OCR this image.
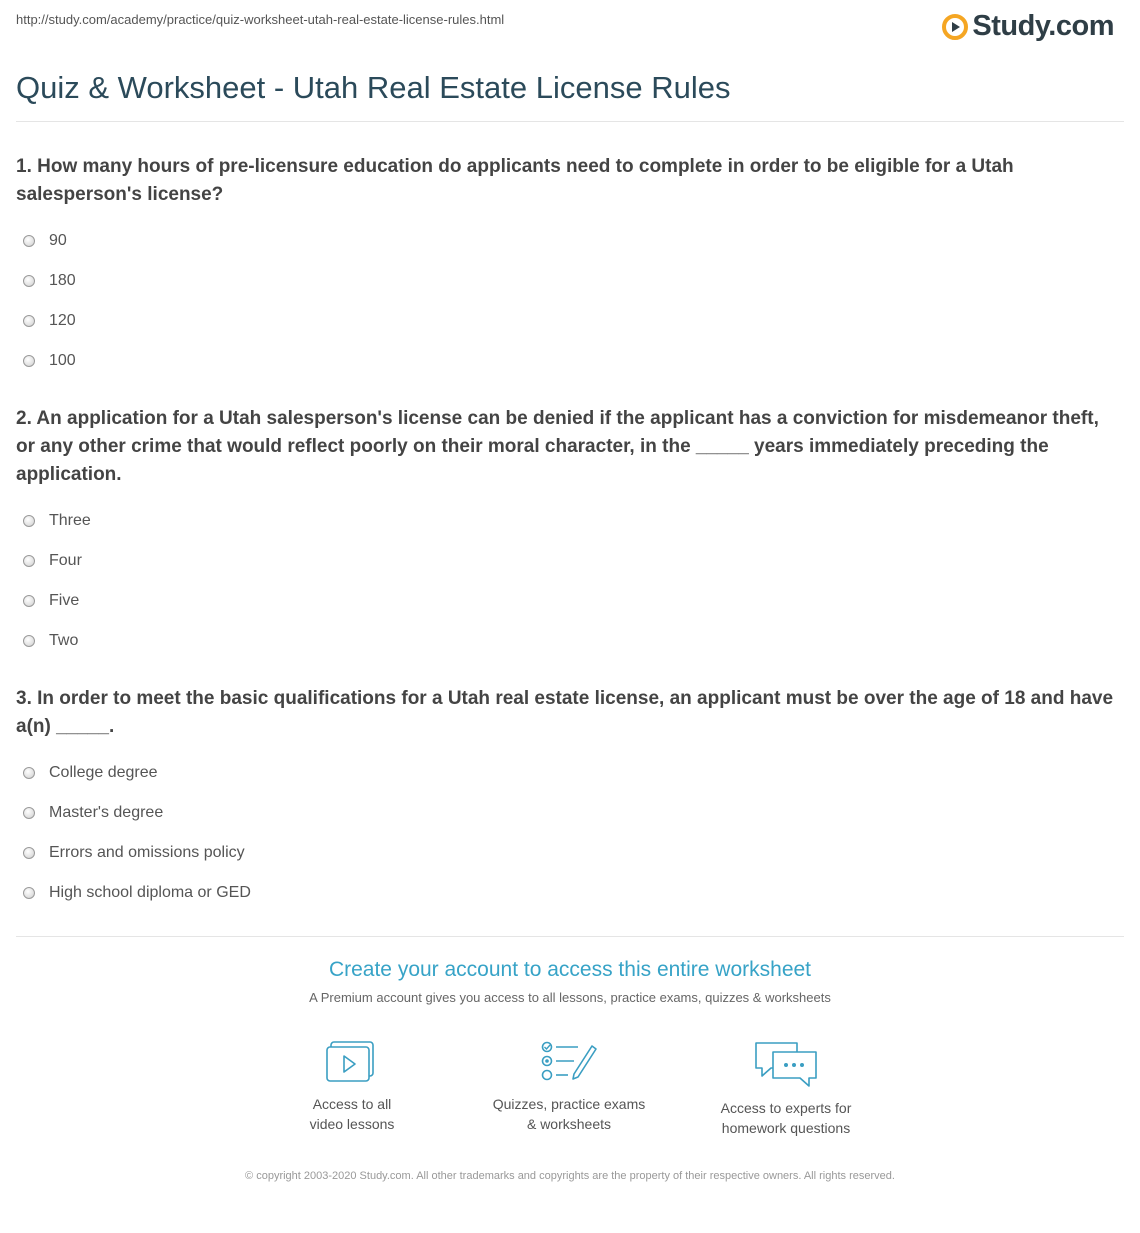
http://study.com/academy/practice/quiz-worksheet-utah-real-estate-license-rules.html	Study.com
Quiz & Worksheet - Utah Real Estate License Rules

1. How many hours of pre-licensure education do applicants need to complete in order to be eligible for a Utah salesperson's license?

90
180
120
100

2. An application for a Utah salesperson's license can be denied if the applicant has a conviction for misdemeanor theft, or any other crime that would reflect poorly on their moral character, in the _____ years immediately preceding the application.

Three
Four
Five
Two

3. In order to meet the basic qualifications for a Utah real estate license, an applicant must be over the age of 18 and have a(n) _____.

College degree
Master's degree
Errors and omissions policy
High school diploma or GED

Create your account to access this entire worksheet

A Premium account gives you access to all lessons, practice exams, quizzes & worksheets
Access to all
video lessons
Quizzes, practice exams
& worksheets
Access to experts for
homework questions
© copyright 2003-2020 Study.com. All other trademarks and copyrights are the property of their respective owners. All rights reserved.
